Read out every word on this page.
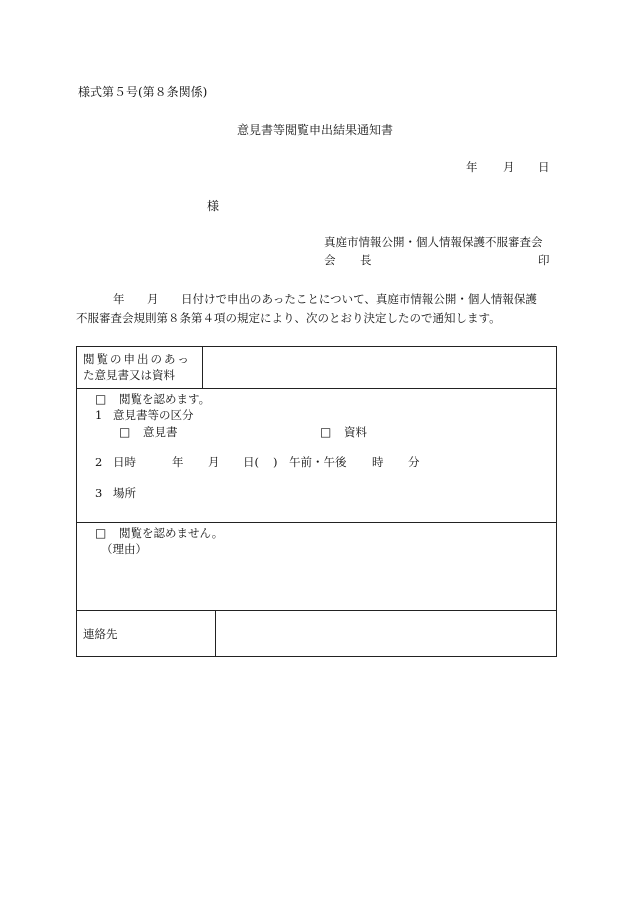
様式第５号(第８条関係)
意見書等閲覧申出結果通知書
年 月 日
様
真庭市情報公開・個人情報保護不服審査会
会 長	印
年 月 日付けで申出のあったことについて、真庭市情報公開・個人情報保護
不服審査会規則第８条第４項の規定により、次のとおり決定したので通知します。
閲覧の申出のあっ
た意見書又は資料
□ 閲覧を認めます。
1 意見書等の区分
□ 意見書	□ 資料
2 日時	年 月 日( ) 午前・午後 時 分
3 場所
□ 閲覧を認めません。
（理由）
連絡先
